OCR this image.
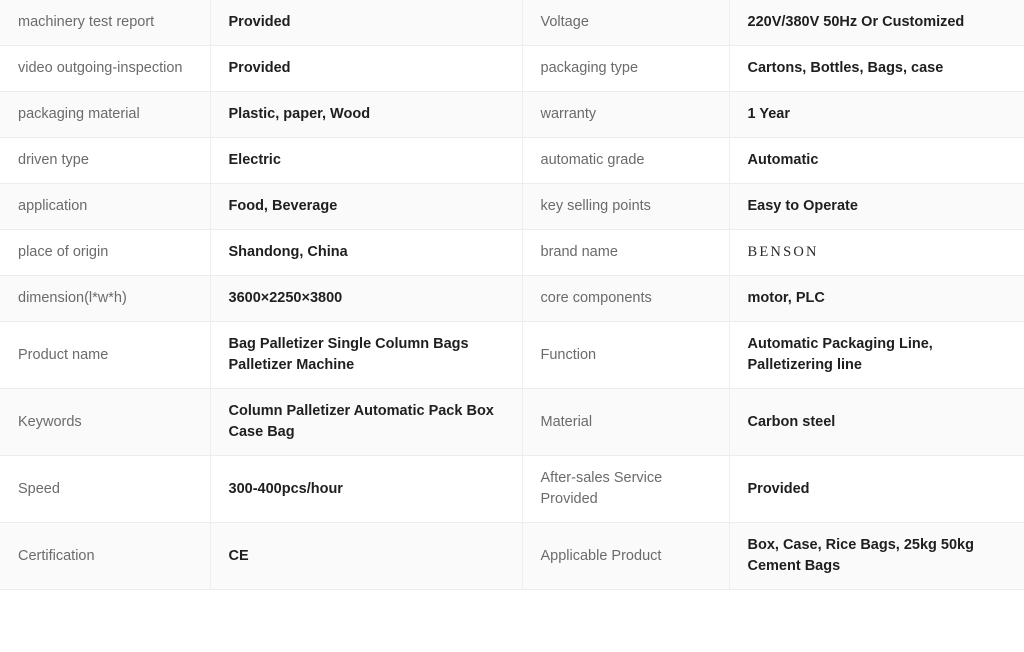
machinery test report	Provided	Voltage	220V/380V 50Hz Or Customized
video outgoing-inspection	Provided	packaging type	Cartons, Bottles, Bags, case
packaging material	Plastic, paper, Wood	warranty	1 Year
driven type	Electric	automatic grade	Automatic
application	Food, Beverage	key selling points	Easy to Operate
place of origin	Shandong, China	brand name	BENSON
dimension(l*w*h)	3600×2250×3800	core components	motor, PLC
Product name	Bag Palletizer Single Column Bags Palletizer Machine	Function	Automatic Packaging Line, Palletizering line
Keywords	Column Palletizer Automatic Pack Box Case Bag	Material	Carbon steel
Speed	300-400pcs/hour	After-sales Service Provided	Provided
Certification	CE	Applicable Product	Box, Case, Rice Bags, 25kg 50kg Cement Bags
